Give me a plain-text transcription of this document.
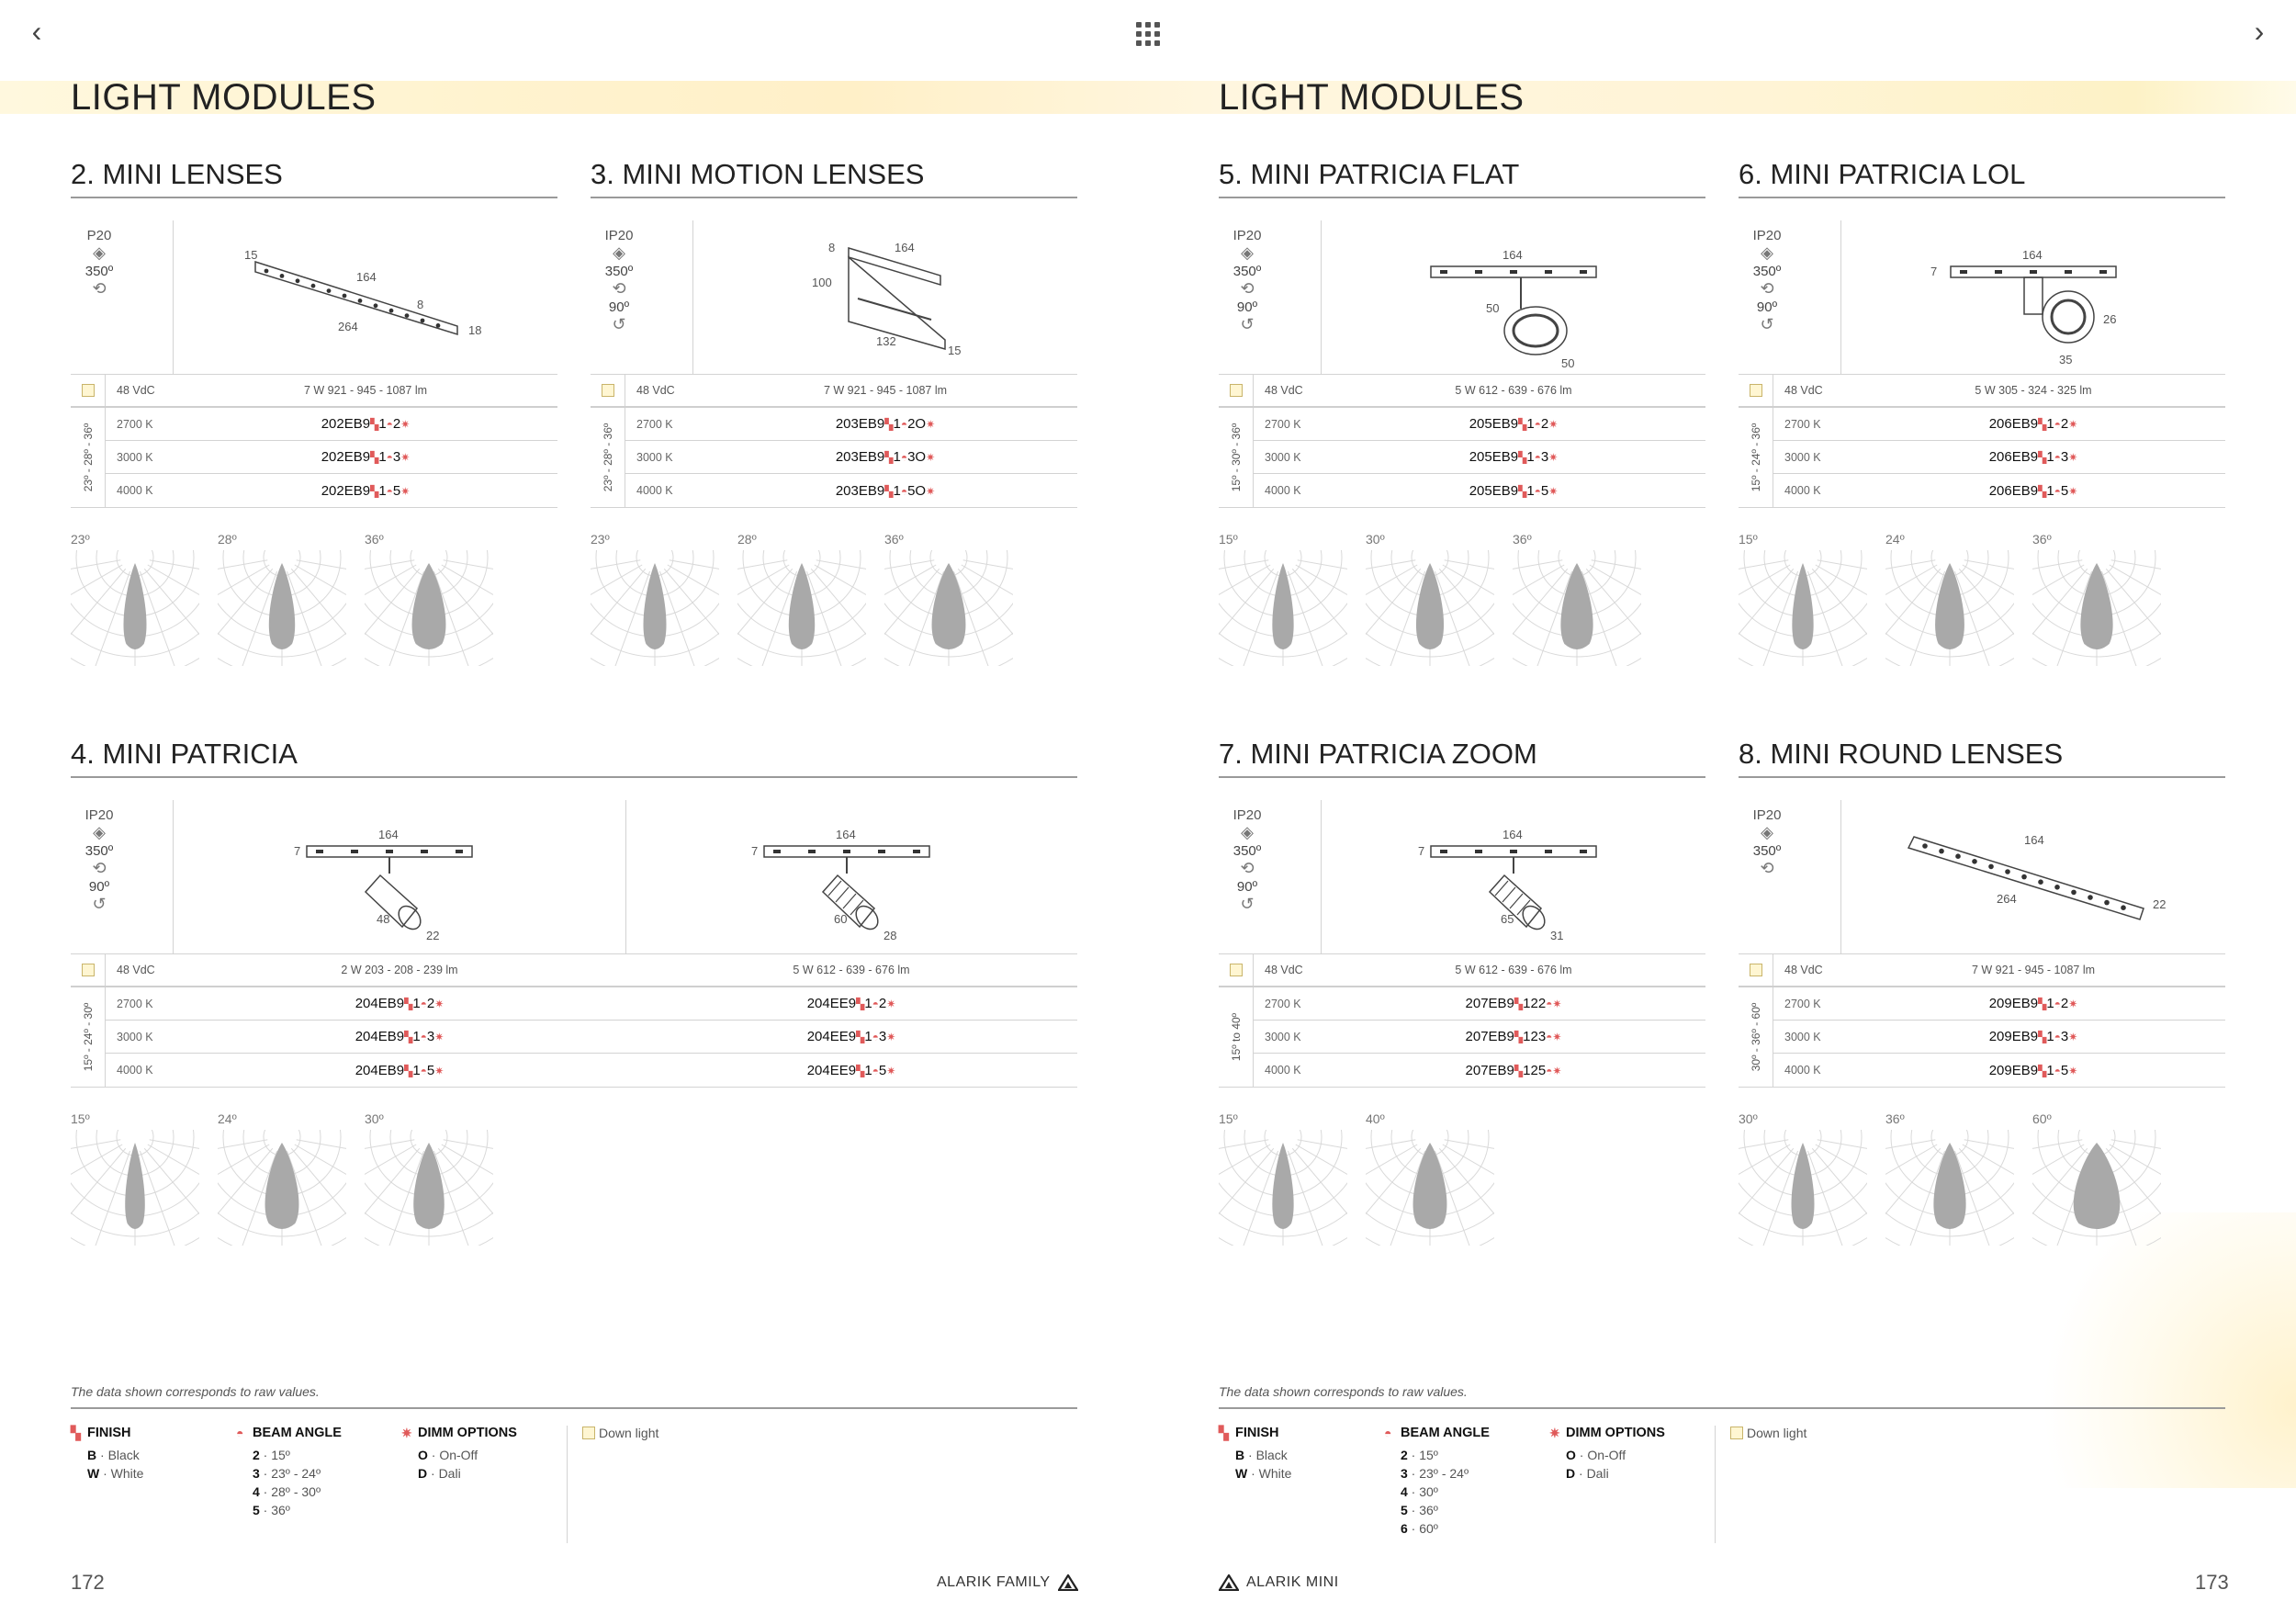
‹	›
LIGHT MODULES	LIGHT MODULES
2. MINI LENSES
P20
◈
350º
⟲
15
164
264
8
18
48 VdC	7 W 921 - 945 - 1087 lm
23º - 28º - 36º	2700 K	202EB9▚1◓2✷
3000 K	202EB9▚1◓3✷
4000 K	202EB9▚1◓5✷
23º	28º	36º
3. MINI MOTION LENSES
IP20
◈
350º
⟲
90º
↺
8	164
100
132
15
48 VdC	7 W 921 - 945 - 1087 lm
23º - 28º - 36º	2700 K	203EB9▚1◓2O✷
3000 K	203EB9▚1◓3O✷
4000 K	203EB9▚1◓5O✷
23º	28º	36º
4. MINI PATRICIA
IP20
◈
350º
⟲
90º
↺
164
7
48
22
164
7
60
28
48 VdC	2 W 203 - 208 - 239 lm	5 W 612 - 639 - 676 lm
15º - 24º - 30º	2700 K	204EB9▚1◓2✷	204EE9▚1◓2✷
3000 K	204EB9▚1◓3✷	204EE9▚1◓3✷
4000 K	204EB9▚1◓5✷	204EE9▚1◓5✷
15º	24º	30º
5. MINI PATRICIA FLAT
IP20
◈
350º
⟲
90º
↺
164
50
50
48 VdC	5 W 612 - 639 - 676 lm
15º - 30º - 36º	2700 K	205EB9▚1◓2✷
3000 K	205EB9▚1◓3✷
4000 K	205EB9▚1◓5✷
15º	30º	36º
6. MINI PATRICIA LOL
IP20
◈
350º
⟲
90º
↺
164
7
26
35
48 VdC	5 W 305 - 324 - 325 lm
15º - 24º - 36º	2700 K	206EB9▚1◓2✷
3000 K	206EB9▚1◓3✷
4000 K	206EB9▚1◓5✷
15º	24º	36º
7. MINI PATRICIA ZOOM
IP20
◈
350º
⟲
90º
↺
164
7
65
31
48 VdC	5 W 612 - 639 - 676 lm
15º to 40º
2700 K	207EB9▚122◓✷
3000 K	207EB9▚123◓✷
4000 K	207EB9▚125◓✷
15º	40º
8. MINI ROUND LENSES
IP20
◈
350º
⟲
164
264	22
48 VdC	7 W 921 - 945 - 1087 lm
30º - 36º - 60º	2700 K	209EB9▚1◓2✷
3000 K	209EB9▚1◓3✷
4000 K	209EB9▚1◓5✷
30º	36º	60º
The data shown corresponds to raw values.	The data shown corresponds to raw values.
▚ FINISH
B · Black
W · White
◓ BEAM ANGLE
2 · 15º
3 · 23º - 24º
4 · 28º - 30º
5 · 36º
✷ DIMM OPTIONS
O · On-Off
D · Dali
Down light	▚ FINISH
B · Black
W · White
◓ BEAM ANGLE
2 · 15º
3 · 23º - 24º
4 · 30º
5 · 36º
6 · 60º
✷ DIMM OPTIONS
O · On-Off
D · Dali
Down light
172	173
ALARIK FAMILY	ALARIK MINI
